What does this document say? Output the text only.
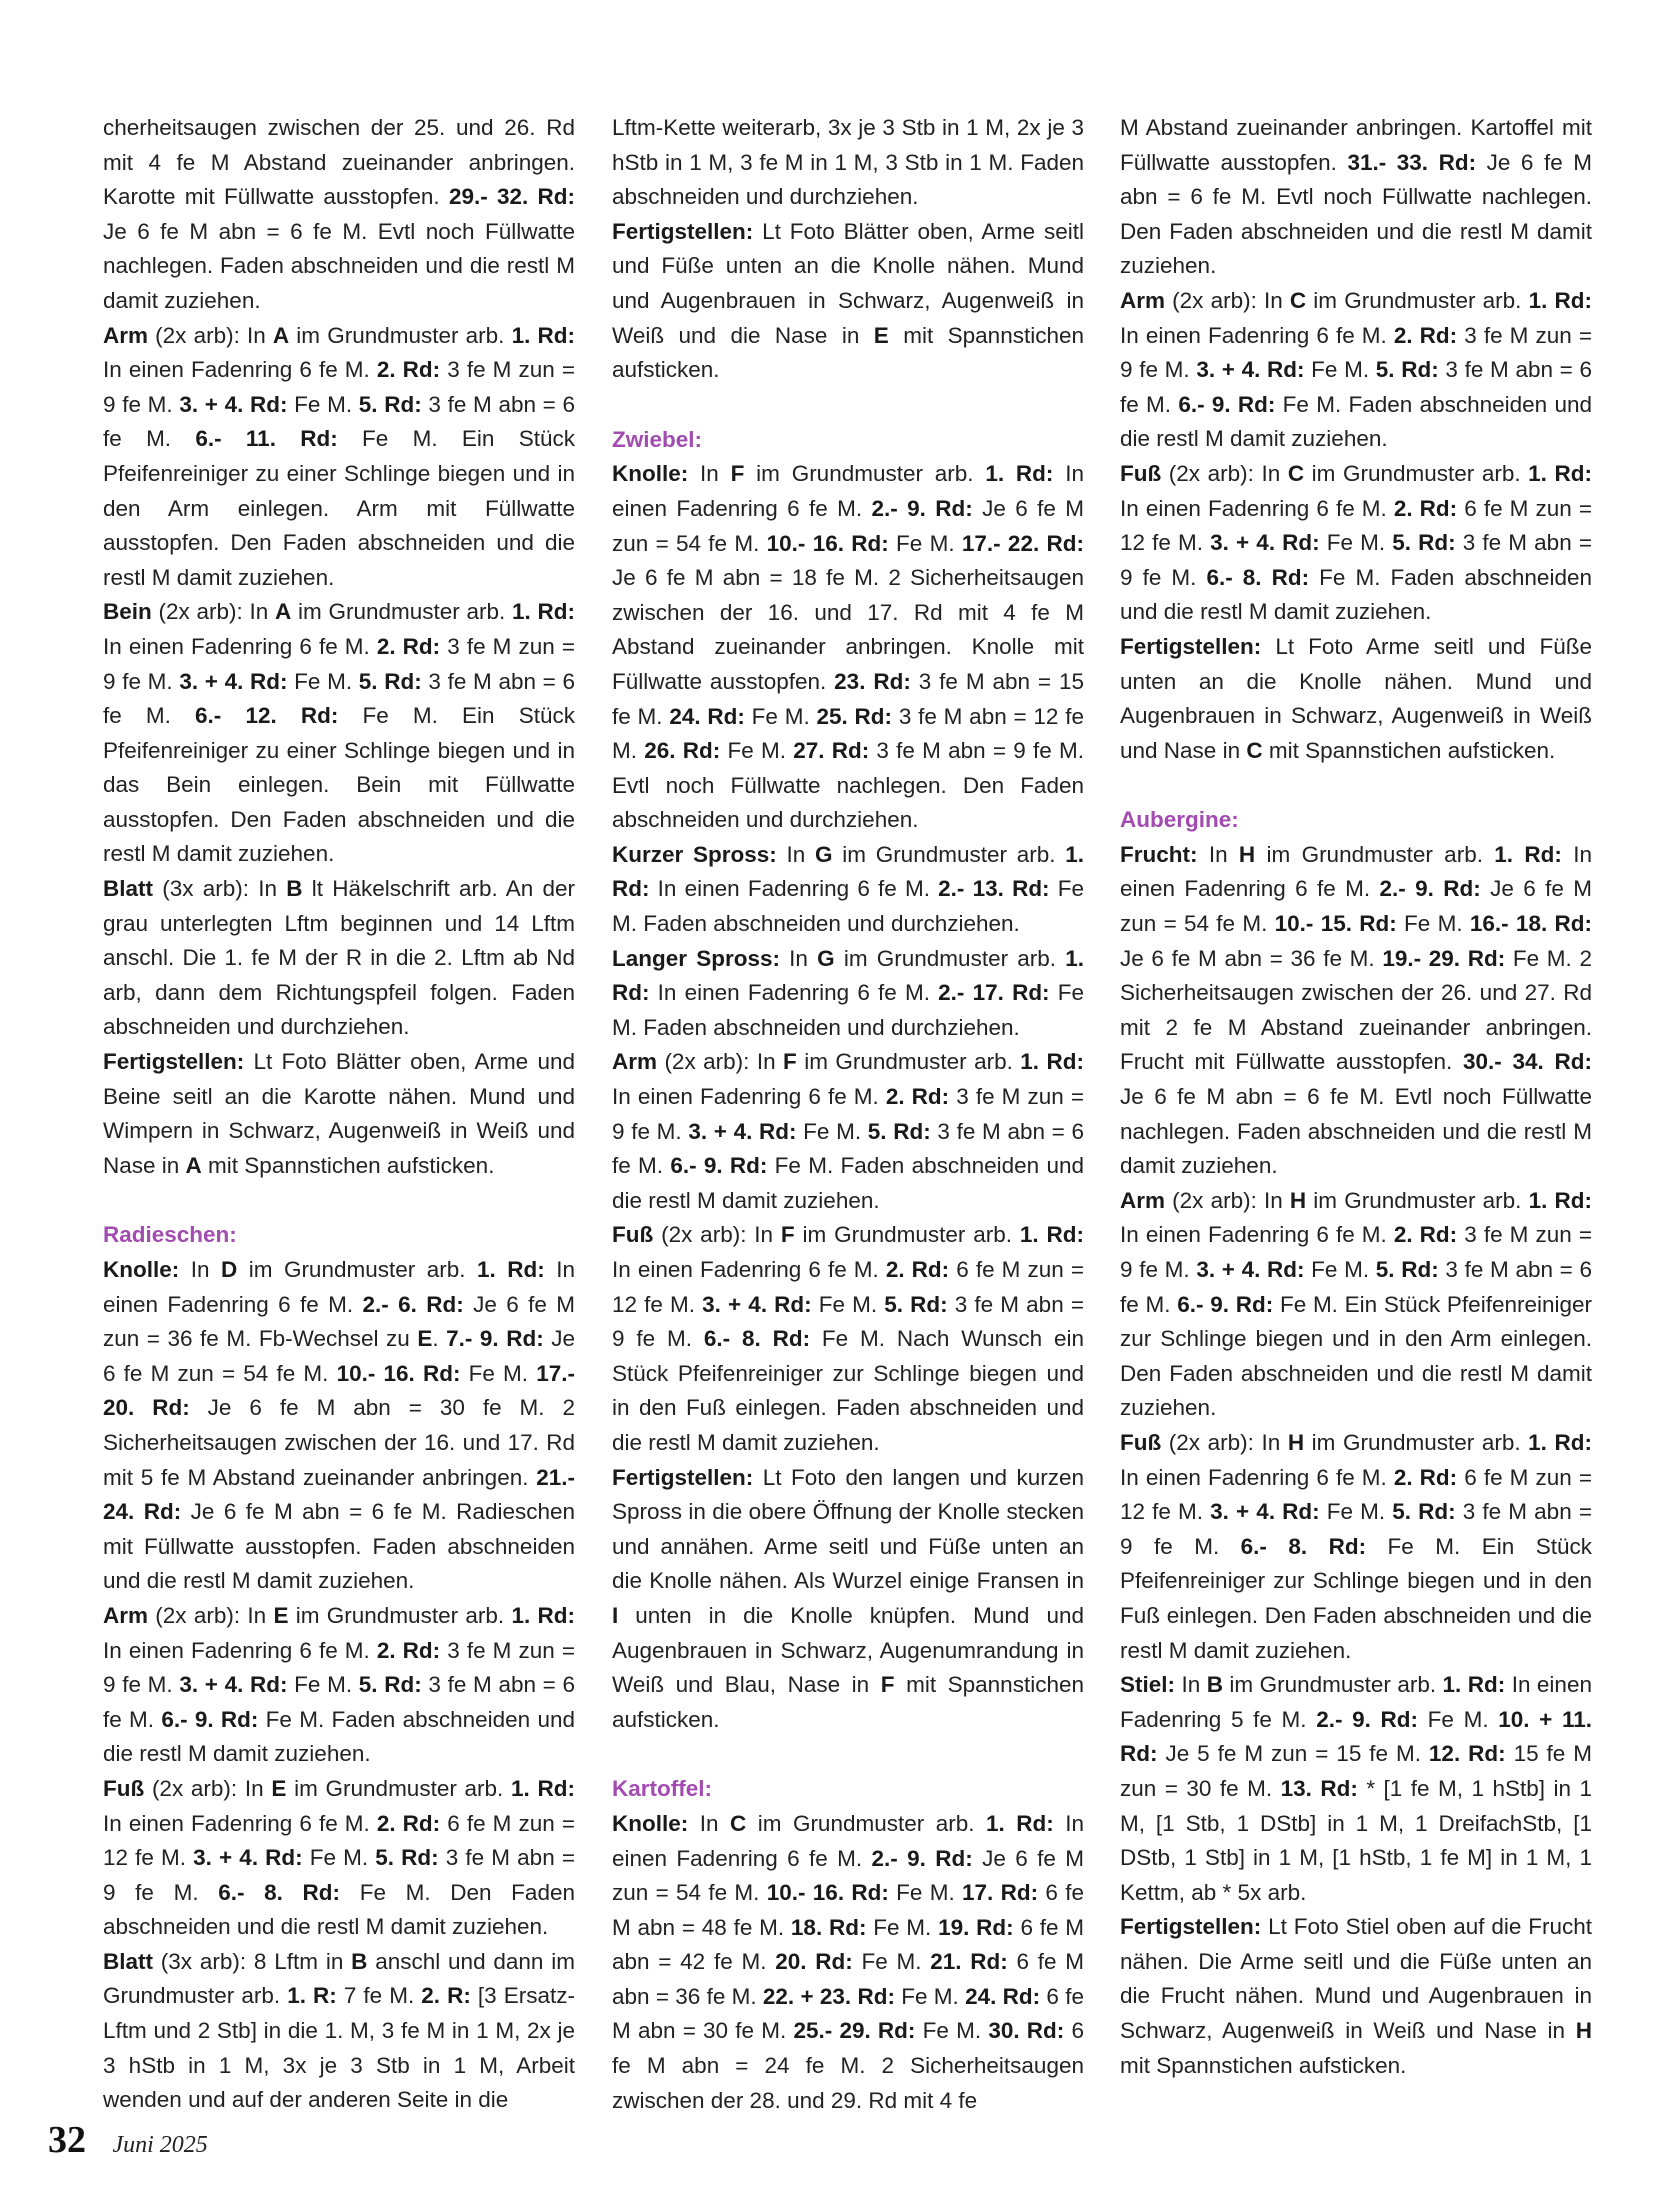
cherheitsaugen zwischen der 25. und 26. Rd mit 4 fe M Abstand zueinander anbringen. Karotte mit Füllwatte ausstopfen. 29.- 32. Rd: Je 6 fe M abn = 6 fe M. Evtl noch Füllwatte nachlegen. Faden abschneiden und die restl M damit zuziehen.

Arm (2x arb): In A im Grundmuster arb. 1. Rd: In einen Fadenring 6 fe M. 2. Rd: 3 fe M zun = 9 fe M. 3. + 4. Rd: Fe M. 5. Rd: 3 fe M abn = 6 fe M. 6.- 11. Rd: Fe M. Ein Stück Pfeifenreiniger zu einer Schlinge biegen und in den Arm einlegen. Arm mit Füllwatte ausstopfen. Den Faden abschneiden und die restl M damit zuziehen.

Bein (2x arb): In A im Grundmuster arb. 1. Rd: In einen Fadenring 6 fe M. 2. Rd: 3 fe M zun = 9 fe M. 3. + 4. Rd: Fe M. 5. Rd: 3 fe M abn = 6 fe M. 6.- 12. Rd: Fe M. Ein Stück Pfeifenreiniger zu einer Schlinge biegen und in das Bein einlegen. Bein mit Füllwatte ausstopfen. Den Faden abschneiden und die restl M damit zuziehen.

Blatt (3x arb): In B lt Häkelschrift arb. An der grau unterlegten Lftm beginnen und 14 Lftm anschl. Die 1. fe M der R in die 2. Lftm ab Nd arb, dann dem Richtungspfeil folgen. Faden abschneiden und durchziehen.

Fertigstellen: Lt Foto Blätter oben, Arme und Beine seitl an die Karotte nähen. Mund und Wimpern in Schwarz, Augenweiß in Weiß und Nase in A mit Spannstichen aufsticken.

Radieschen:

Knolle: In D im Grundmuster arb. 1. Rd: In einen Fadenring 6 fe M. 2.- 6. Rd: Je 6 fe M zun = 36 fe M. Fb-Wechsel zu E. 7.- 9. Rd: Je 6 fe M zun = 54 fe M. 10.- 16. Rd: Fe M. 17.- 20. Rd: Je 6 fe M abn = 30 fe M. 2 Sicherheitsaugen zwischen der 16. und 17. Rd mit 5 fe M Abstand zueinander anbringen. 21.- 24. Rd: Je 6 fe M abn = 6 fe M. Radieschen mit Füllwatte ausstopfen. Faden abschneiden und die restl M damit zuziehen.

Arm (2x arb): In E im Grundmuster arb. 1. Rd: In einen Fadenring 6 fe M. 2. Rd: 3 fe M zun = 9 fe M. 3. + 4. Rd: Fe M. 5. Rd: 3 fe M abn = 6 fe M. 6.- 9. Rd: Fe M. Faden abschneiden und die restl M damit zuziehen.

Fuß (2x arb): In E im Grundmuster arb. 1. Rd: In einen Fadenring 6 fe M. 2. Rd: 6 fe M zun = 12 fe M. 3. + 4. Rd: Fe M. 5. Rd: 3 fe M abn = 9 fe M. 6.- 8. Rd: Fe M. Den Faden abschneiden und die restl M damit zuziehen.

Blatt (3x arb): 8 Lftm in B anschl und dann im Grundmuster arb. 1. R: 7 fe M. 2. R: [3 Ersatz-Lftm und 2 Stb] in die 1. M, 3 fe M in 1 M, 2x je 3 hStb in 1 M, 3x je 3 Stb in 1 M, Arbeit wenden und auf der anderen Seite in die

Lftm-Kette weiterarb, 3x je 3 Stb in 1 M, 2x je 3 hStb in 1 M, 3 fe M in 1 M, 3 Stb in 1 M. Faden abschneiden und durchziehen.

Fertigstellen: Lt Foto Blätter oben, Arme seitl und Füße unten an die Knolle nähen. Mund und Augenbrauen in Schwarz, Augenweiß in Weiß und die Nase in E mit Spannstichen aufsticken.

Zwiebel:

Knolle: In F im Grundmuster arb. 1. Rd: In einen Fadenring 6 fe M. 2.- 9. Rd: Je 6 fe M zun = 54 fe M. 10.- 16. Rd: Fe M. 17.- 22. Rd: Je 6 fe M abn = 18 fe M. 2 Sicherheitsaugen zwischen der 16. und 17. Rd mit 4 fe M Abstand zueinander anbringen. Knolle mit Füllwatte ausstopfen. 23. Rd: 3 fe M abn = 15 fe M. 24. Rd: Fe M. 25. Rd: 3 fe M abn = 12 fe M. 26. Rd: Fe M. 27. Rd: 3 fe M abn = 9 fe M. Evtl noch Füllwatte nachlegen. Den Faden abschneiden und durchziehen.

Kurzer Spross: In G im Grundmuster arb. 1. Rd: In einen Fadenring 6 fe M. 2.- 13. Rd: Fe M. Faden abschneiden und durchziehen.

Langer Spross: In G im Grundmuster arb. 1. Rd: In einen Fadenring 6 fe M. 2.- 17. Rd: Fe M. Faden abschneiden und durchziehen.

Arm (2x arb): In F im Grundmuster arb. 1. Rd: In einen Fadenring 6 fe M. 2. Rd: 3 fe M zun = 9 fe M. 3. + 4. Rd: Fe M. 5. Rd: 3 fe M abn = 6 fe M. 6.- 9. Rd: Fe M. Faden abschneiden und die restl M damit zuziehen.

Fuß (2x arb): In F im Grundmuster arb. 1. Rd: In einen Fadenring 6 fe M. 2. Rd: 6 fe M zun = 12 fe M. 3. + 4. Rd: Fe M. 5. Rd: 3 fe M abn = 9 fe M. 6.- 8. Rd: Fe M. Nach Wunsch ein Stück Pfeifenreiniger zur Schlinge biegen und in den Fuß einlegen. Faden abschneiden und die restl M damit zuziehen.

Fertigstellen: Lt Foto den langen und kurzen Spross in die obere Öffnung der Knolle stecken und annähen. Arme seitl und Füße unten an die Knolle nähen. Als Wurzel einige Fransen in I unten in die Knolle knüpfen. Mund und Augenbrauen in Schwarz, Augenumrandung in Weiß und Blau, Nase in F mit Spannstichen aufsticken.

Kartoffel:

Knolle: In C im Grundmuster arb. 1. Rd: In einen Fadenring 6 fe M. 2.- 9. Rd: Je 6 fe M zun = 54 fe M. 10.- 16. Rd: Fe M. 17. Rd: 6 fe M abn = 48 fe M. 18. Rd: Fe M. 19. Rd: 6 fe M abn = 42 fe M. 20. Rd: Fe M. 21. Rd: 6 fe M abn = 36 fe M. 22. + 23. Rd: Fe M. 24. Rd: 6 fe M abn = 30 fe M. 25.- 29. Rd: Fe M. 30. Rd: 6 fe M abn = 24 fe M. 2 Sicherheitsaugen zwischen der 28. und 29. Rd mit 4 fe

M Abstand zueinander anbringen. Kartoffel mit Füllwatte ausstopfen. 31.- 33. Rd: Je 6 fe M abn = 6 fe M. Evtl noch Füllwatte nachlegen. Den Faden abschneiden und die restl M damit zuziehen.

Arm (2x arb): In C im Grundmuster arb. 1. Rd: In einen Fadenring 6 fe M. 2. Rd: 3 fe M zun = 9 fe M. 3. + 4. Rd: Fe M. 5. Rd: 3 fe M abn = 6 fe M. 6.- 9. Rd: Fe M. Faden abschneiden und die restl M damit zuziehen.

Fuß (2x arb): In C im Grundmuster arb. 1. Rd: In einen Fadenring 6 fe M. 2. Rd: 6 fe M zun = 12 fe M. 3. + 4. Rd: Fe M. 5. Rd: 3 fe M abn = 9 fe M. 6.- 8. Rd: Fe M. Faden abschneiden und die restl M damit zuziehen.

Fertigstellen: Lt Foto Arme seitl und Füße unten an die Knolle nähen. Mund und Augenbrauen in Schwarz, Augenweiß in Weiß und Nase in C mit Spannstichen aufsticken.

Aubergine:

Frucht: In H im Grundmuster arb. 1. Rd: In einen Fadenring 6 fe M. 2.- 9. Rd: Je 6 fe M zun = 54 fe M. 10.- 15. Rd: Fe M. 16.- 18. Rd: Je 6 fe M abn = 36 fe M. 19.- 29. Rd: Fe M. 2 Sicherheitsaugen zwischen der 26. und 27. Rd mit 2 fe M Abstand zueinander anbringen. Frucht mit Füllwatte ausstopfen. 30.- 34. Rd: Je 6 fe M abn = 6 fe M. Evtl noch Füllwatte nachlegen. Faden abschneiden und die restl M damit zuziehen.

Arm (2x arb): In H im Grundmuster arb. 1. Rd: In einen Fadenring 6 fe M. 2. Rd: 3 fe M zun = 9 fe M. 3. + 4. Rd: Fe M. 5. Rd: 3 fe M abn = 6 fe M. 6.- 9. Rd: Fe M. Ein Stück Pfeifenreiniger zur Schlinge biegen und in den Arm einlegen. Den Faden abschneiden und die restl M damit zuziehen.

Fuß (2x arb): In H im Grundmuster arb. 1. Rd: In einen Fadenring 6 fe M. 2. Rd: 6 fe M zun = 12 fe M. 3. + 4. Rd: Fe M. 5. Rd: 3 fe M abn = 9 fe M. 6.- 8. Rd: Fe M. Ein Stück Pfeifenreiniger zur Schlinge biegen und in den Fuß einlegen. Den Faden abschneiden und die restl M damit zuziehen.

Stiel: In B im Grundmuster arb. 1. Rd: In einen Fadenring 5 fe M. 2.- 9. Rd: Fe M. 10. + 11. Rd: Je 5 fe M zun = 15 fe M. 12. Rd: 15 fe M zun = 30 fe M. 13. Rd: * [1 fe M, 1 hStb] in 1 M, [1 Stb, 1 DStb] in 1 M, 1 DreifachStb, [1 DStb, 1 Stb] in 1 M, [1 hStb, 1 fe M] in 1 M, 1 Kettm, ab * 5x arb.

Fertigstellen: Lt Foto Stiel oben auf die Frucht nähen. Die Arme seitl und die Füße unten an die Frucht nähen. Mund und Augenbrauen in Schwarz, Augenweiß in Weiß und Nase in H mit Spannstichen aufsticken.

32 Juni 2025
